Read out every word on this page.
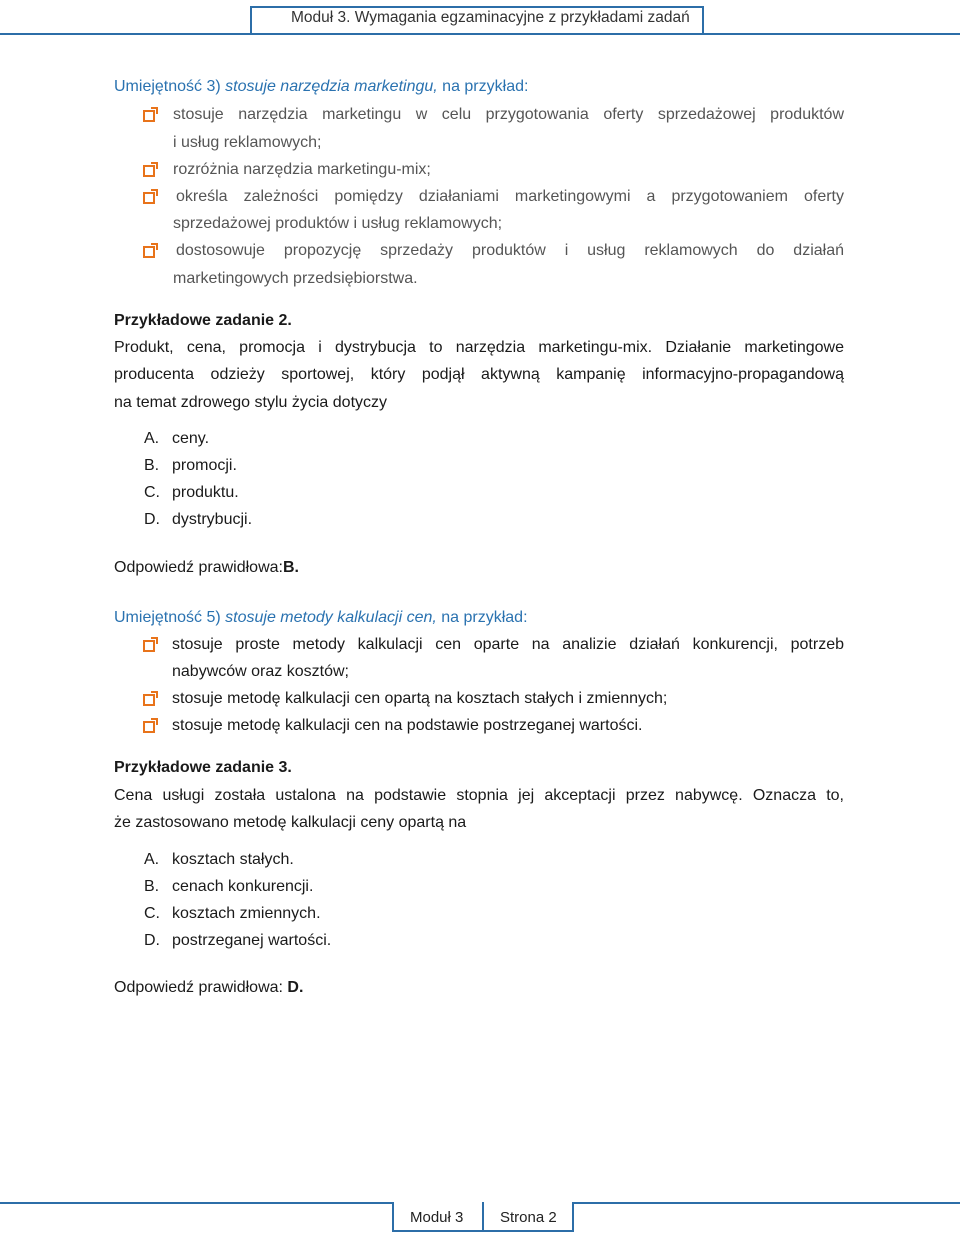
Moduł 3. Wymagania egzaminacyjne z przykładami zadań
Umiejętność 3) stosuje narzędzia marketingu, na przykład:
stosuje narzędzia marketingu w celu przygotowania oferty sprzedażowej produktów
i usług reklamowych;
rozróżnia narzędzia marketingu-mix;
określa zależności pomiędzy działaniami marketingowymi a przygotowaniem oferty
sprzedażowej produktów i usług reklamowych;
dostosowuje propozycję sprzedaży produktów i usług reklamowych do działań
marketingowych przedsiębiorstwa.
Przykładowe zadanie 2.
Produkt, cena, promocja i dystrybucja to narzędzia marketingu-mix. Działanie marketingowe
producenta odzieży sportowej, który podjął aktywną kampanię informacyjno-propagandową
na temat zdrowego stylu życia dotyczy
A. ceny.
B. promocji.
C. produktu.
D. dystrybucji.
Odpowiedź prawidłowa:B.
Umiejętność 5) stosuje metody kalkulacji cen, na przykład:
stosuje proste metody kalkulacji cen oparte na analizie działań konkurencji, potrzeb
nabywców oraz kosztów;
stosuje metodę kalkulacji cen opartą na kosztach stałych i zmiennych;
stosuje metodę kalkulacji cen na podstawie postrzeganej wartości.
Przykładowe zadanie 3.
Cena usługi została ustalona na podstawie stopnia jej akceptacji przez nabywcę. Oznacza to,
że zastosowano metodę kalkulacji ceny opartą na
A. kosztach stałych.
B. cenach konkurencji.
C. kosztach zmiennych.
D. postrzeganej wartości.
Odpowiedź prawidłowa: D.
Moduł 3 Strona 2
